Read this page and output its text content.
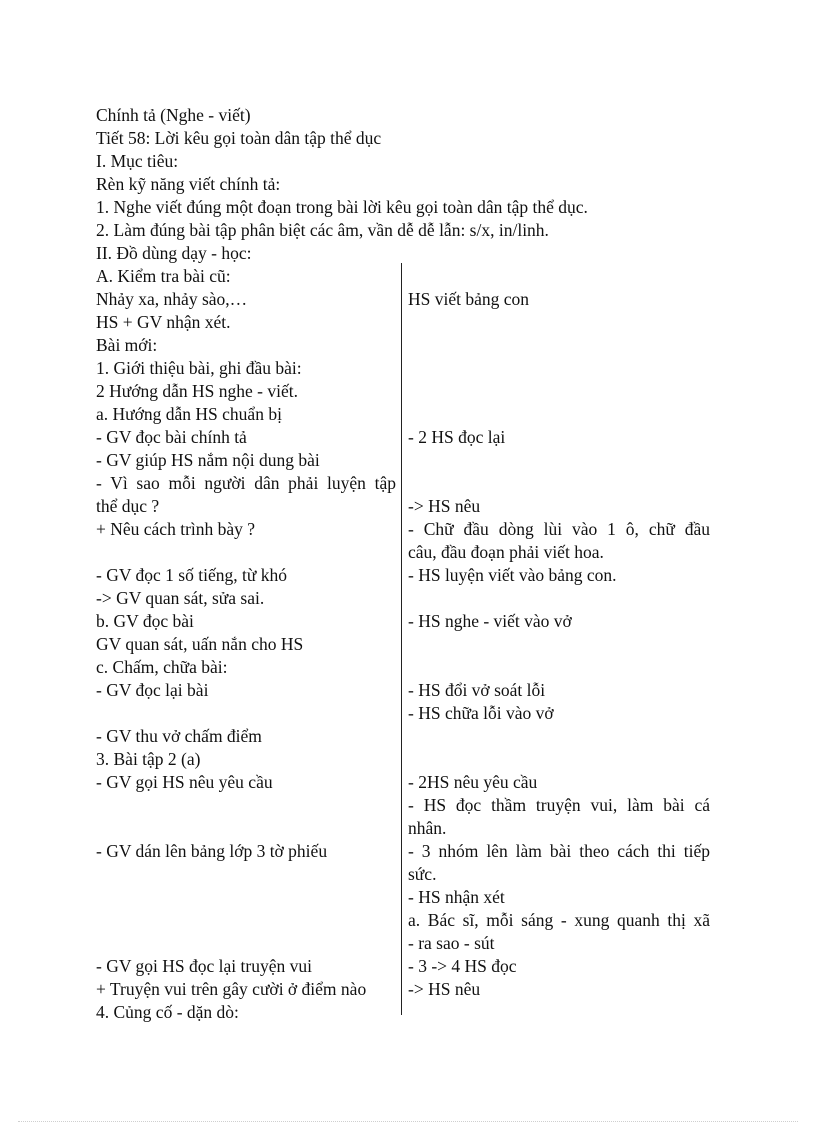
Chính tả (Nghe - viết)
Tiết 58: Lời kêu gọi toàn dân tập thể dục
I. Mục tiêu:
Rèn kỹ năng viết chính tả:
1. Nghe viết đúng một đoạn trong bài lời kêu gọi toàn dân tập thể dục.
2. Làm đúng bài tập phân biệt các âm, vần dễ dễ lẫn: s/x, in/linh.
II. Đồ dùng dạy - học:
A. Kiểm tra bài cũ:
Nhảy xa, nhảy sào,…
HS + GV nhận xét.
Bài mới:
1. Giới thiệu bài, ghi đầu bài:
2 Hướng dẫn HS nghe - viết.
a. Hướng dẫn HS chuẩn bị
- GV đọc bài chính tả
- GV giúp HS nắm nội dung bài
- Vì sao mỗi người dân phải luyện tập
thể dục ?
+ Nêu cách trình bày ?
- GV đọc 1 số tiếng, từ khó
-> GV quan sát, sửa sai.
b. GV đọc bài
GV quan sát, uấn nắn cho HS
c. Chấm, chữa bài:
- GV đọc lại bài
- GV thu vở chấm điểm
3. Bài tập 2 (a)
- GV gọi HS nêu yêu cầu
- GV dán lên bảng lớp 3 tờ phiếu
- GV gọi HS đọc lại truyện vui
+ Truyện vui trên gây cười ở điểm nào
4. Củng cố - dặn dò:
HS viết bảng con
- 2 HS đọc lại
-> HS nêu
- Chữ đầu dòng lùi vào 1 ô, chữ đầu
câu, đầu đoạn phải viết hoa.
- HS luyện viết vào bảng con.
- HS nghe - viết vào vở
- HS đổi vở soát lỗi
- HS chữa lỗi vào vở
- 2HS nêu yêu cầu
- HS đọc thầm truyện vui, làm bài cá
nhân.
- 3 nhóm lên làm bài theo cách thi tiếp
sức.
- HS nhận xét
a. Bác sĩ, mỗi sáng - xung quanh thị xã
- ra sao - sút
- 3 -> 4 HS đọc
-> HS nêu
